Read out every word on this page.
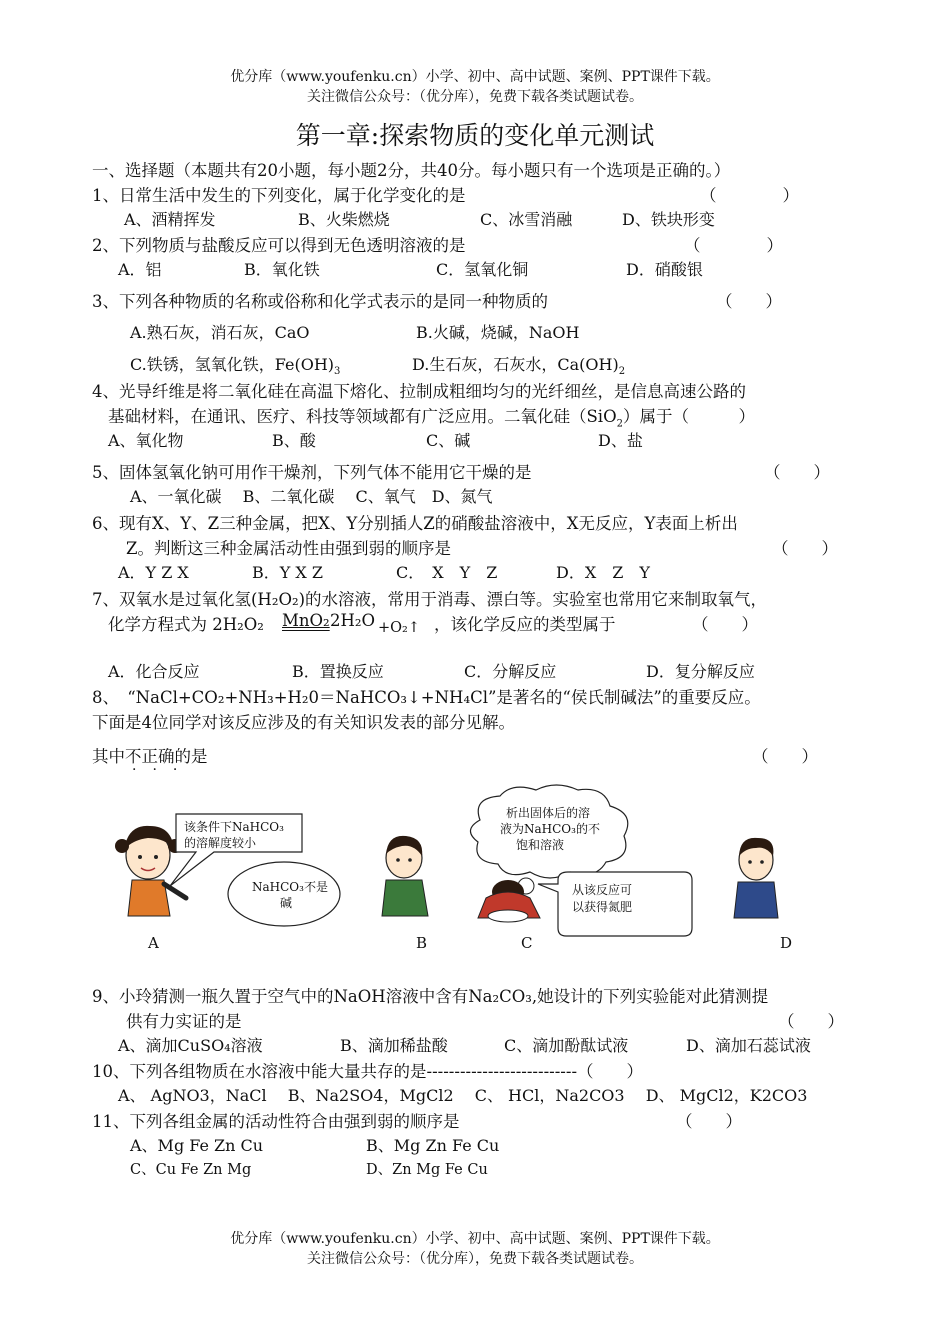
优分库（www.youfenku.cn）小学、初中、高中试题、案例、PPT课件下载。
关注微信公众号：（优分库），免费下载各类试题试卷。
第一章:探索物质的变化单元测试
一、选择题（本题共有20小题，每小题2分，共40分。每小题只有一个选项是正确的。）
1、日常生活中发生的下列变化，属于化学变化的是	（　　　　）
A、酒精挥发	B、火柴燃烧	C、冰雪消融	D、铁块形变
2、下列物质与盐酸反应可以得到无色透明溶液的是	（　　　　）
A．铝	B．氧化铁	C．氢氧化铜	D．硝酸银
3、下列各种物质的名称或俗称和化学式表示的是同一种物质的	（　　）
A.熟石灰，消石灰，CaO	B.火碱，烧碱，NaOH
C.铁锈，氢氧化铁，$Fe(OH)_3$	D.生石灰，石灰水，$Ca(OH)_2$
4、光导纤维是将二氧化硅在高温下熔化、拉制成粗细均匀的光纤细丝，是信息高速公路的
基础材料，在通讯、医疗、科技等领域都有广泛应用。二氧化硅（SiO$_2$）属于（　　　）
A、氧化物	B、酸	C、碱	D、盐
5、固体氢氧化钠可用作干燥剂，下列气体不能用它干燥的是	（　　）
A、一氧化碳　 B、二氧化碳　 C、氧气　D、氮气
6、现有X、Y、Z三种金属，把X、Y分别插人Z的硝酸盐溶液中，X无反应，Y表面上析出
Z。判断这三种金属活动性由强到弱的顺序是	（　　）
A．Y Z X	B．Y X Z	C．　X　Y　Z	D．X　Z　Y
7、双氧水是过氧化氢(H₂O₂)的水溶液，常用于消毒、漂白等。实验室也常用它来制取氧气，
化学方程式为 2H₂O₂ MnO₂ 2H₂O +O₂↑ ，该化学反应的类型属于	（　　）
A．化合反应	B．置换反应	C．分解反应	D．复分解反应
8、　“NaCl+CO₂+NH₃+H₂0＝NaHCO₃↓+NH₄Cl”是著名的“侯氏制碱法”的重要反应。
下面是4位同学对该反应涉及的有关知识发表的部分见解。
其中不正确的是	（　　）
···
该条件下NaHCO₃
的溶解度较小
NaHCO₃不是
碱
析出固体后的溶
液为NaHCO₃的不
饱和溶液
从该反应可
以获得氮肥
A	B	C	D
9、小玲猜测一瓶久置于空气中的NaOH溶液中含有Na₂CO₃,她设计的下列实验能对此猜测提
供有力实证的是	（　　）
A、滴加CuSO₄溶液	B、滴加稀盐酸	C、滴加酚酞试液	D、滴加石蕊试液
10、下列各组物质在水溶液中能大量共存的是---------------------------（　　）
A、 AgNO3，NaCl　 B、Na2SO4，MgCl2　 C、 HCl，Na2CO3　 D、 MgCl2，K2CO3
11、下列各组金属的活动性符合由强到弱的顺序是	（　　）
A、Mg Fe Zn Cu	B、Mg Zn Fe Cu
C、Cu Fe Zn Mg	D、Zn Mg Fe Cu
优分库（www.youfenku.cn）小学、初中、高中试题、案例、PPT课件下载。
关注微信公众号：（优分库），免费下载各类试题试卷。
